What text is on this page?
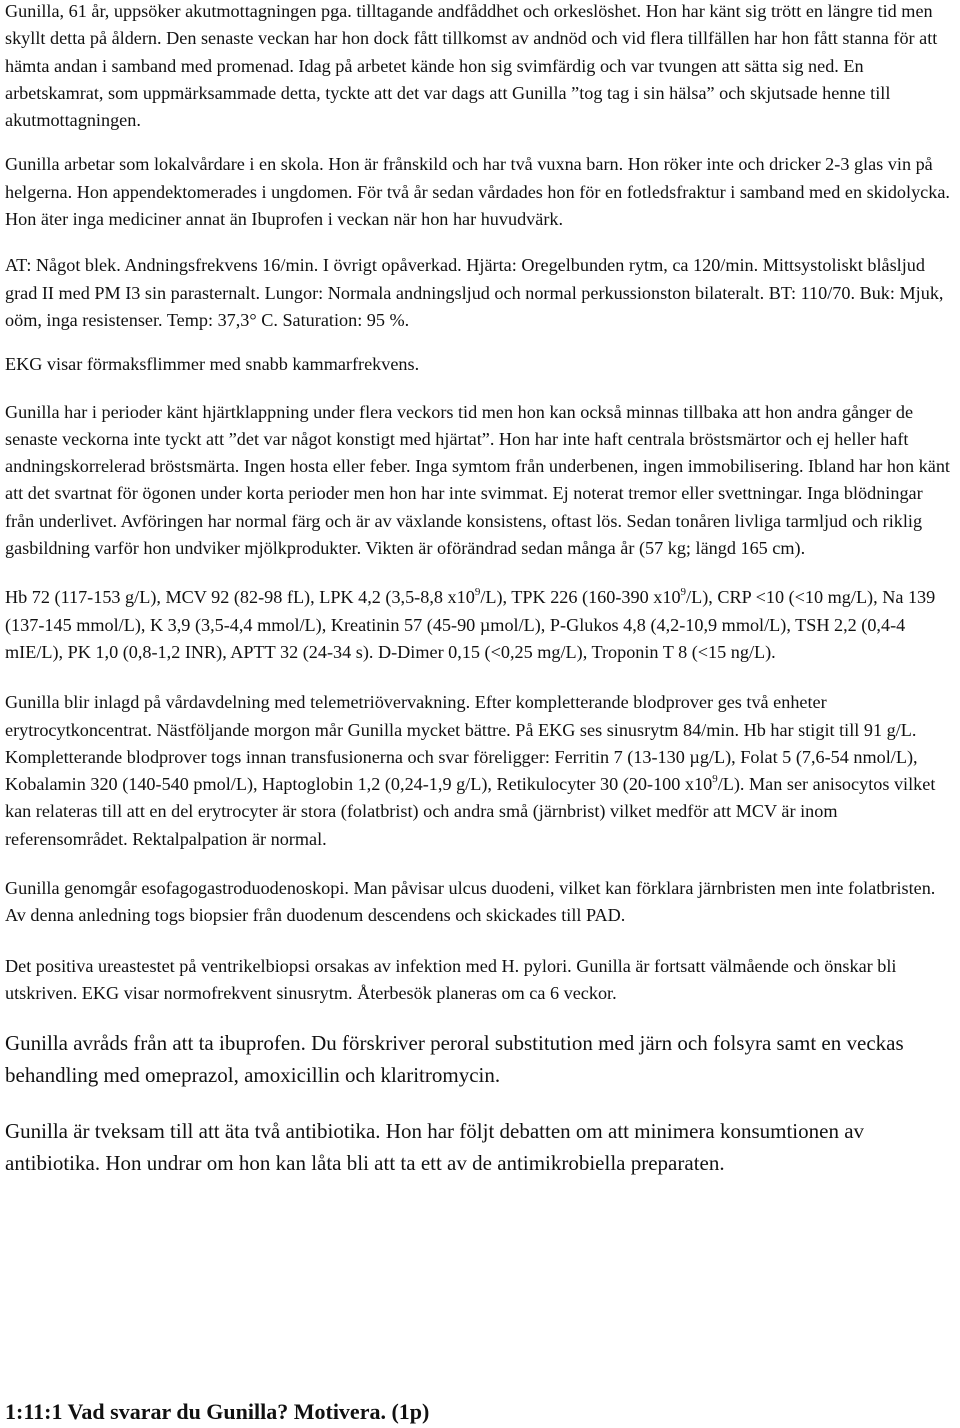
Gunilla, 61 år, uppsöker akutmottagningen pga. tilltagande andfåddhet och orkeslöshet. Hon har känt sig trött en längre tid men skyllt detta på åldern. Den senaste veckan har hon dock fått tillkomst av andnöd och vid flera tillfällen har hon fått stanna för att hämta andan i samband med promenad. Idag på arbetet kände hon sig svimfärdig och var tvungen att sätta sig ned. En arbetskamrat, som uppmärksammade detta, tyckte att det var dags att Gunilla ”tog tag i sin hälsa” och skjutsade henne till akutmottagningen.

Gunilla arbetar som lokalvårdare i en skola. Hon är frånskild och har två vuxna barn. Hon röker inte och dricker 2-3 glas vin på helgerna. Hon appendektomerades i ungdomen. För två år sedan vårdades hon för en fotledsfraktur i samband med en skidolycka. Hon äter inga mediciner annat än Ibuprofen i veckan när hon har huvudvärk.

AT: Något blek. Andningsfrekvens 16/min. I övrigt opåverkad. Hjärta: Oregelbunden rytm, ca 120/min. Mittsystoliskt blåsljud grad II med PM I3 sin parasternalt. Lungor: Normala andningsljud och normal perkussionston bilateralt. BT: 110/70. Buk: Mjuk, oöm, inga resistenser. Temp: 37,3° C. Saturation: 95 %.

EKG visar förmaksflimmer med snabb kammarfrekvens.

Gunilla har i perioder känt hjärtklappning under flera veckors tid men hon kan också minnas tillbaka att hon andra gånger de senaste veckorna inte tyckt att ”det var något konstigt med hjärtat”. Hon har inte haft centrala bröstsmärtor och ej heller haft andningskorrelerad bröstsmärta. Ingen hosta eller feber. Inga symtom från underbenen, ingen immobilisering. Ibland har hon känt att det svartnat för ögonen under korta perioder men hon har inte svimmat. Ej noterat tremor eller svettningar. Inga blödningar från underlivet. Avföringen har normal färg och är av växlande konsistens, oftast lös. Sedan tonåren livliga tarmljud och riklig gasbildning varför hon undviker mjölkprodukter. Vikten är oförändrad sedan många år (57 kg; längd 165 cm).

Hb 72 (117-153 g/L), MCV 92 (82-98 fL), LPK 4,2 (3,5-8,8 $x10^9/L$), TPK 226 (160-390 $x10^9/L$), CRP <10 (<10 mg/L), Na 139 (137-145 mmol/L), K 3,9 (3,5-4,4 mmol/L), Kreatinin 57 (45-90 µmol/L), P-Glukos 4,8 (4,2-10,9 mmol/L), TSH 2,2 (0,4-4 mIE/L), PK 1,0 (0,8-1,2 INR), APTT 32 (24-34 s). D-Dimer 0,15 (<0,25 mg/L), Troponin T 8 (<15 ng/L).

Gunilla blir inlagd på vårdavdelning med telemetriövervakning. Efter kompletterande blodprover ges två enheter erytrocytkoncentrat. Nästföljande morgon mår Gunilla mycket bättre. På EKG ses sinusrytm 84/min. Hb har stigit till 91 g/L. Kompletterande blodprover togs innan transfusionerna och svar föreligger: Ferritin 7 (13-130 µg/L), Folat 5 (7,6-54 nmol/L), Kobalamin 320 (140-540 pmol/L), Haptoglobin 1,2 (0,24-1,9 g/L), Retikulocyter 30 (20-100 $x10^9/L$). Man ser anisocytos vilket kan relateras till att en del erytrocyter är stora (folatbrist) och andra små (järnbrist) vilket medför att MCV är inom referensområdet. Rektalpalpation är normal.

Gunilla genomgår esofagogastroduodenoskopi. Man påvisar ulcus duodeni, vilket kan förklara järnbristen men inte folatbristen. Av denna anledning togs biopsier från duodenum descendens och skickades till PAD.

Det positiva ureastestet på ventrikelbiopsi orsakas av infektion med H. pylori. Gunilla är fortsatt välmående och önskar bli utskriven. EKG visar normofrekvent sinusrytm. Återbesök planeras om ca 6 veckor.

Gunilla avråds från att ta ibuprofen. Du förskriver peroral substitution med järn och folsyra samt en veckas behandling med omeprazol, amoxicillin och klaritromycin.

Gunilla är tveksam till att äta två antibiotika. Hon har följt debatten om att minimera konsumtionen av antibiotika. Hon undrar om hon kan låta bli att ta ett av de antimikrobiella preparaten.

1:11:1 Vad svarar du Gunilla? Motivera. (1p)
